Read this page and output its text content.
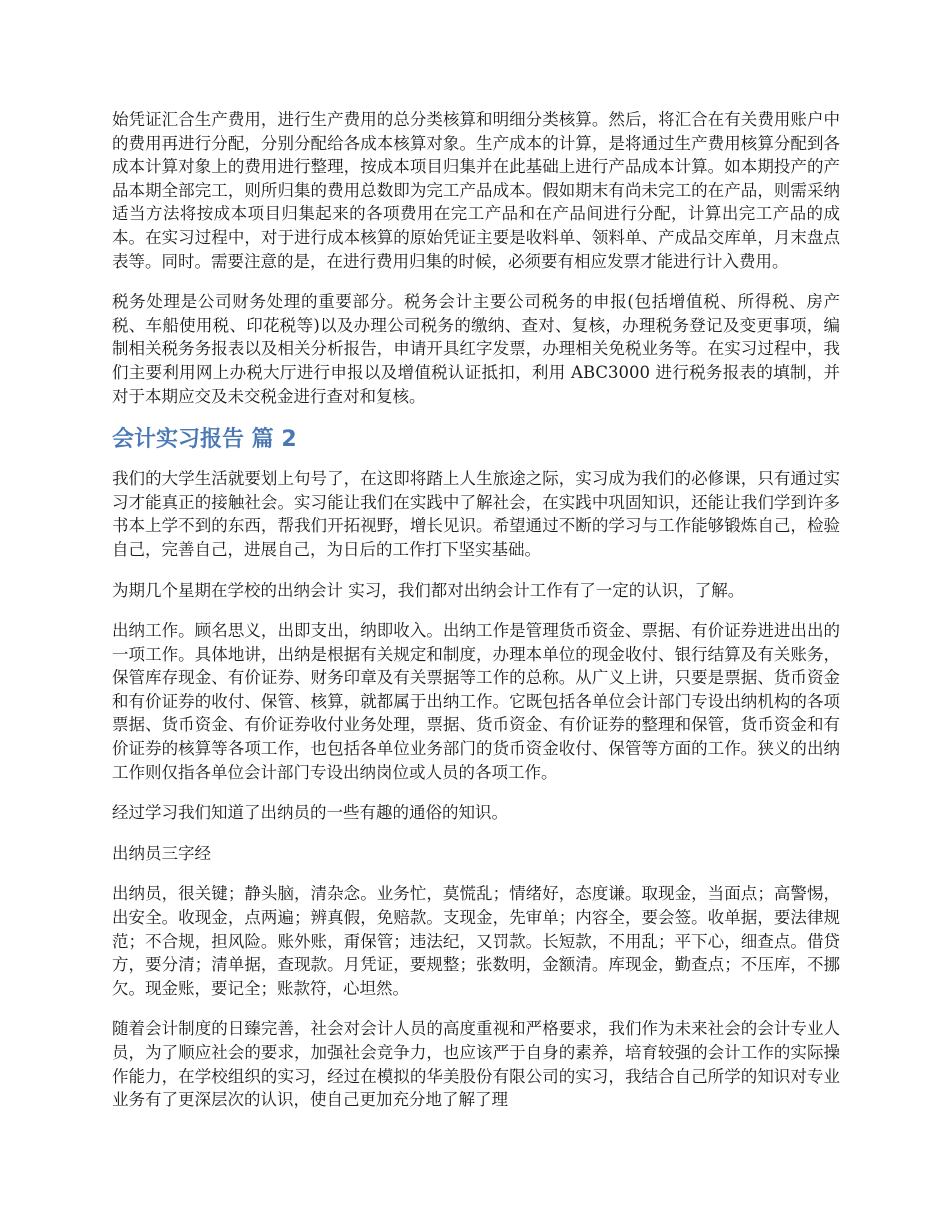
始凭证汇合生产费用，进行生产费用的总分类核算和明细分类核算。然后，将汇合在有关费用账户中的费用再进行分配，分别分配给各成本核算对象。生产成本的计算，是将通过生产费用核算分配到各成本计算对象上的费用进行整理，按成本项目归集并在此基础上进行产品成本计算。如本期投产的产品本期全部完工，则所归集的费用总数即为完工产品成本。假如期末有尚未完工的在产品，则需采纳适当方法将按成本项目归集起来的各项费用在完工产品和在产品间进行分配，计算出完工产品的成本。在实习过程中，对于进行成本核算的原始凭证主要是收料单、领料单、产成品交库单，月末盘点表等。同时。需要注意的是，在进行费用归集的时候，必须要有相应发票才能进行计入费用。

税务处理是公司财务处理的重要部分。税务会计主要公司税务的申报(包括增值税、所得税、房产税、车船使用税、印花税等)以及办理公司税务的缴纳、查对、复核，办理税务登记及变更事项，编制相关税务务报表以及相关分析报告，申请开具红字发票，办理相关免税业务等。在实习过程中，我们主要利用网上办税大厅进行申报以及增值税认证抵扣，利用 ABC3000 进行税务报表的填制，并对于本期应交及未交税金进行查对和复核。

会计实习报告 篇 2

我们的大学生活就要划上句号了，在这即将踏上人生旅途之际，实习成为我们的必修课，只有通过实习才能真正的接触社会。实习能让我们在实践中了解社会，在实践中巩固知识，还能让我们学到许多书本上学不到的东西，帮我们开拓视野，增长见识。希望通过不断的学习与工作能够锻炼自己，检验自己，完善自己，进展自己，为日后的工作打下坚实基础。

为期几个星期在学校的出纳会计 实习，我们都对出纳会计工作有了一定的认识，了解。

出纳工作。顾名思义，出即支出，纳即收入。出纳工作是管理货币资金、票据、有价证券进进出出的一项工作。具体地讲，出纳是根据有关规定和制度，办理本单位的现金收付、银行结算及有关账务，保管库存现金、有价证券、财务印章及有关票据等工作的总称。从广义上讲，只要是票据、货币资金和有价证券的收付、保管、核算，就都属于出纳工作。它既包括各单位会计部门专设出纳机构的各项票据、货币资金、有价证券收付业务处理，票据、货币资金、有价证券的整理和保管，货币资金和有价证券的核算等各项工作，也包括各单位业务部门的货币资金收付、保管等方面的工作。狭义的出纳工作则仅指各单位会计部门专设出纳岗位或人员的各项工作。

经过学习我们知道了出纳员的一些有趣的通俗的知识。

出纳员三字经

出纳员，很关键；静头脑，清杂念。业务忙，莫慌乱；情绪好，态度谦。取现金，当面点；高警惕，出安全。收现金，点两遍；辨真假，免赔款。支现金，先审单；内容全，要会签。收单据，要法律规范；不合规，担风险。账外账，甭保管；违法纪，又罚款。长短款，不用乱；平下心，细查点。借贷方，要分清；清单据，查现款。月凭证，要规整；张数明，金额清。库现金，勤查点；不压库，不挪欠。现金账，要记全；账款符，心坦然。

随着会计制度的日臻完善，社会对会计人员的高度重视和严格要求，我们作为未来社会的会计专业人员，为了顺应社会的要求，加强社会竞争力，也应该严于自身的素养，培育较强的会计工作的实际操作能力，在学校组织的实习，经过在模拟的华美股份有限公司的实习，我结合自己所学的知识对专业业务有了更深层次的认识，使自己更加充分地了解了理
